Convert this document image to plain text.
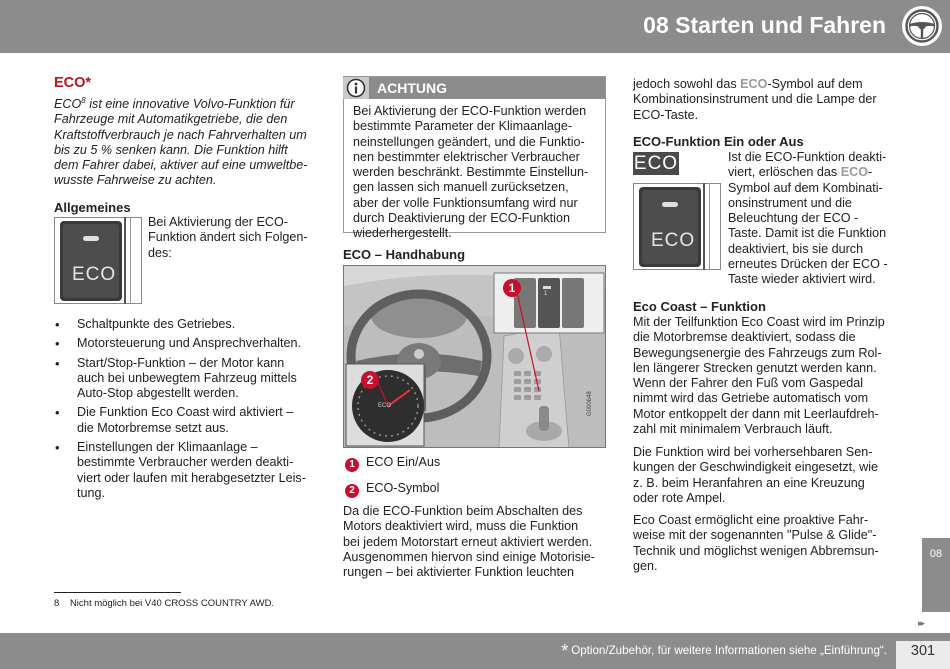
08 Starten und Fahren
ECO*
ECO$^8$ ist eine innovative Volvo-Funktion für
Fahrzeuge mit Automatikgetriebe, die den
Kraftstoffverbrauch je nach Fahrverhalten um
bis zu 5 % senken kann. Die Funktion hilft
dem Fahrer dabei, aktiver auf eine umweltbe-
wusste Fahrweise zu achten.
Allgemeines
ECO
Bei Aktivierung der ECO-
Funktion ändert sich Folgen-
des:
• Schaltpunkte des Getriebes.
• Motorsteuerung und Ansprechverhalten.
• Start/Stop-Funktion – der Motor kann
auch bei unbewegtem Fahrzeug mittels
Auto-Stop abgestellt werden.
• Die Funktion Eco Coast wird aktiviert –
die Motorbremse setzt aus.
• Einstellungen der Klimaanlage –
bestimmte Verbraucher werden deakti-
viert oder laufen mit herabgesetzter Leis-
tung.
ACHTUNG
Bei Aktivierung der ECO-Funktion werden
bestimmte Parameter der Klimaanlage-
neinstellungen geändert, und die Funktio-
nen bestimmter elektrischer Verbraucher
werden beschränkt. Bestimmte Einstellun-
gen lassen sich manuell zurücksetzen,
aber der volle Funktionsumfang wird nur
durch Deaktivierung der ECO-Funktion
wiederhergestellt.
ECO – Handhabung
1
ECO
1
2
G000648
1 ECO Ein/Aus
2 ECO-Symbol
Da die ECO-Funktion beim Abschalten des
Motors deaktiviert wird, muss die Funktion
bei jedem Motorstart erneut aktiviert werden.
Ausgenommen hiervon sind einige Motorisie-
rungen – bei aktivierter Funktion leuchten
jedoch sowohl das ECO-Symbol auf dem
Kombinationsinstrument und die Lampe der
ECO-Taste.
ECO-Funktion Ein oder Aus
ECO
ECO
Ist die ECO-Funktion deakti-
viert, erlöschen das ECO-
Symbol auf dem Kombinati-
onsinstrument und die
Beleuchtung der ECO -
Taste. Damit ist die Funktion
deaktiviert, bis sie durch
erneutes Drücken der ECO -
Taste wieder aktiviert wird.
Eco Coast – Funktion
Mit der Teilfunktion Eco Coast wird im Prinzip
die Motorbremse deaktiviert, sodass die
Bewegungsenergie des Fahrzeugs zum Rol-
len längerer Strecken genutzt werden kann.
Wenn der Fahrer den Fuß vom Gaspedal
nimmt wird das Getriebe automatisch vom
Motor entkoppelt der dann mit Leerlaufdreh-
zahl mit minimalem Verbrauch läuft.
Die Funktion wird bei vorhersehbaren Sen-
kungen der Geschwindigkeit eingesetzt, wie
z. B. beim Heranfahren an eine Kreuzung
oder rote Ampel.
Eco Coast ermöglicht eine proaktive Fahr-
weise mit der sogenannten "Pulse & Glide"-
Technik und möglichst wenigen Abbremsun-
gen.
8 Nicht möglich bei V40 CROSS COUNTRY AWD.
08
▸▸
* Option/Zubehör, für weitere Informationen siehe „Einführung“.	301
